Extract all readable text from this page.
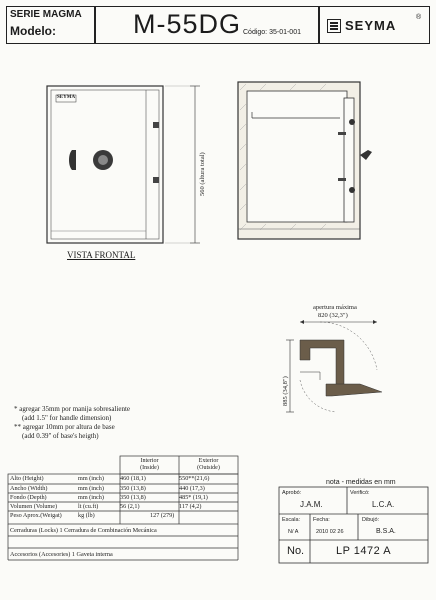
SERIE MAGMA
Modelo:	M-55DG Código: 35-01-001	SEYMA
®
SEYMA
560 (altura total)
VISTA FRONTAL
apertura máxima
820 (32,3")
885 (34,8")
* agregar 35mm por manija sobresaliente
(add 1.5" for handle dimension)
** agregar 10mm por altura de base
(add 0.39" of base's heigth)
Interior
(Inside)
Exterior
(Outside)
Alto (Height)	mm (inch)	460 (18,1)	550**(21,6)
Ancho (Width)	mm (inch)	350 (13,8)	440 (17,3)
Fondo (Depth)	mm (inch)	350 (13,8)	485* (19,1)
Volumen (Volume)	lt (cu.ft)	56 (2,1)	117 (4,2)
Peso Aprox.(Weigat)	kg (lb)	127 (279)
Cerraduras (Locks) 1 Cerradura de Combinación Mecánica
Accesorios (Accesories) 1 Gaveta interna
nota - medidas en mm
Aprobó:
J.A.M.
Verificó:
L.C.A.
Escala:
N/ A
Fecha:
2010 02 26
Dibujó:
B.S.A.
No.	LP 1472 A
